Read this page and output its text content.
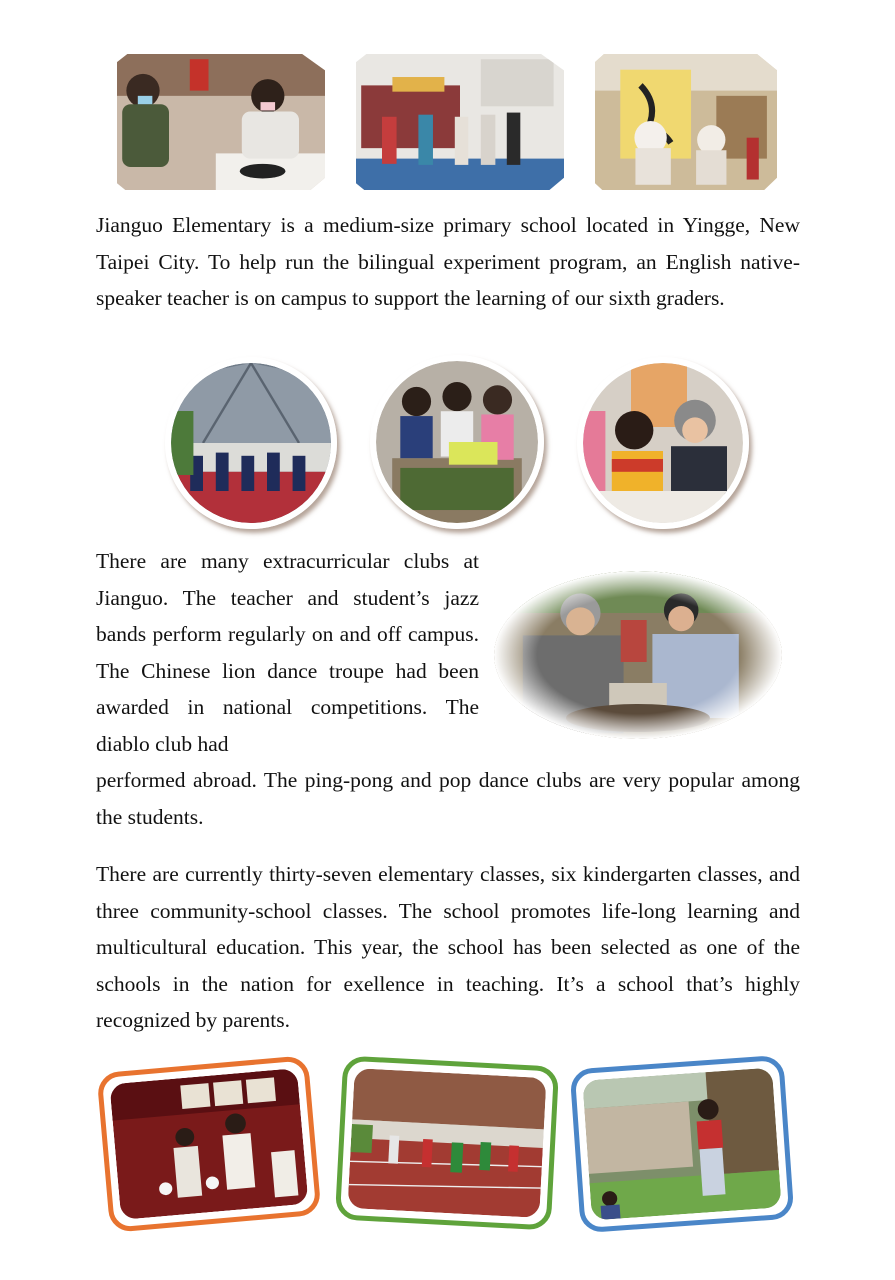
Jianguo Elementary is a medium-size primary school located in Yingge, New Taipei City. To help run the bilingual experiment program, an English native-speaker teacher is on campus to support the learning of our sixth graders.

There are many extracurricular clubs at Jianguo. The teacher and student’s jazz bands perform regularly on and off campus. The Chinese lion dance troupe had been awarded in national competitions. The diablo club had

performed abroad. The ping-pong and pop dance clubs are very popular among the students.

There are currently thirty-seven elementary classes, six kindergarten classes, and three community-school classes. The school promotes life-long learning and multicultural education. This year, the school has been selected as one of the schools in the nation for exellence in teaching. It’s a school that’s highly recognized by parents.
